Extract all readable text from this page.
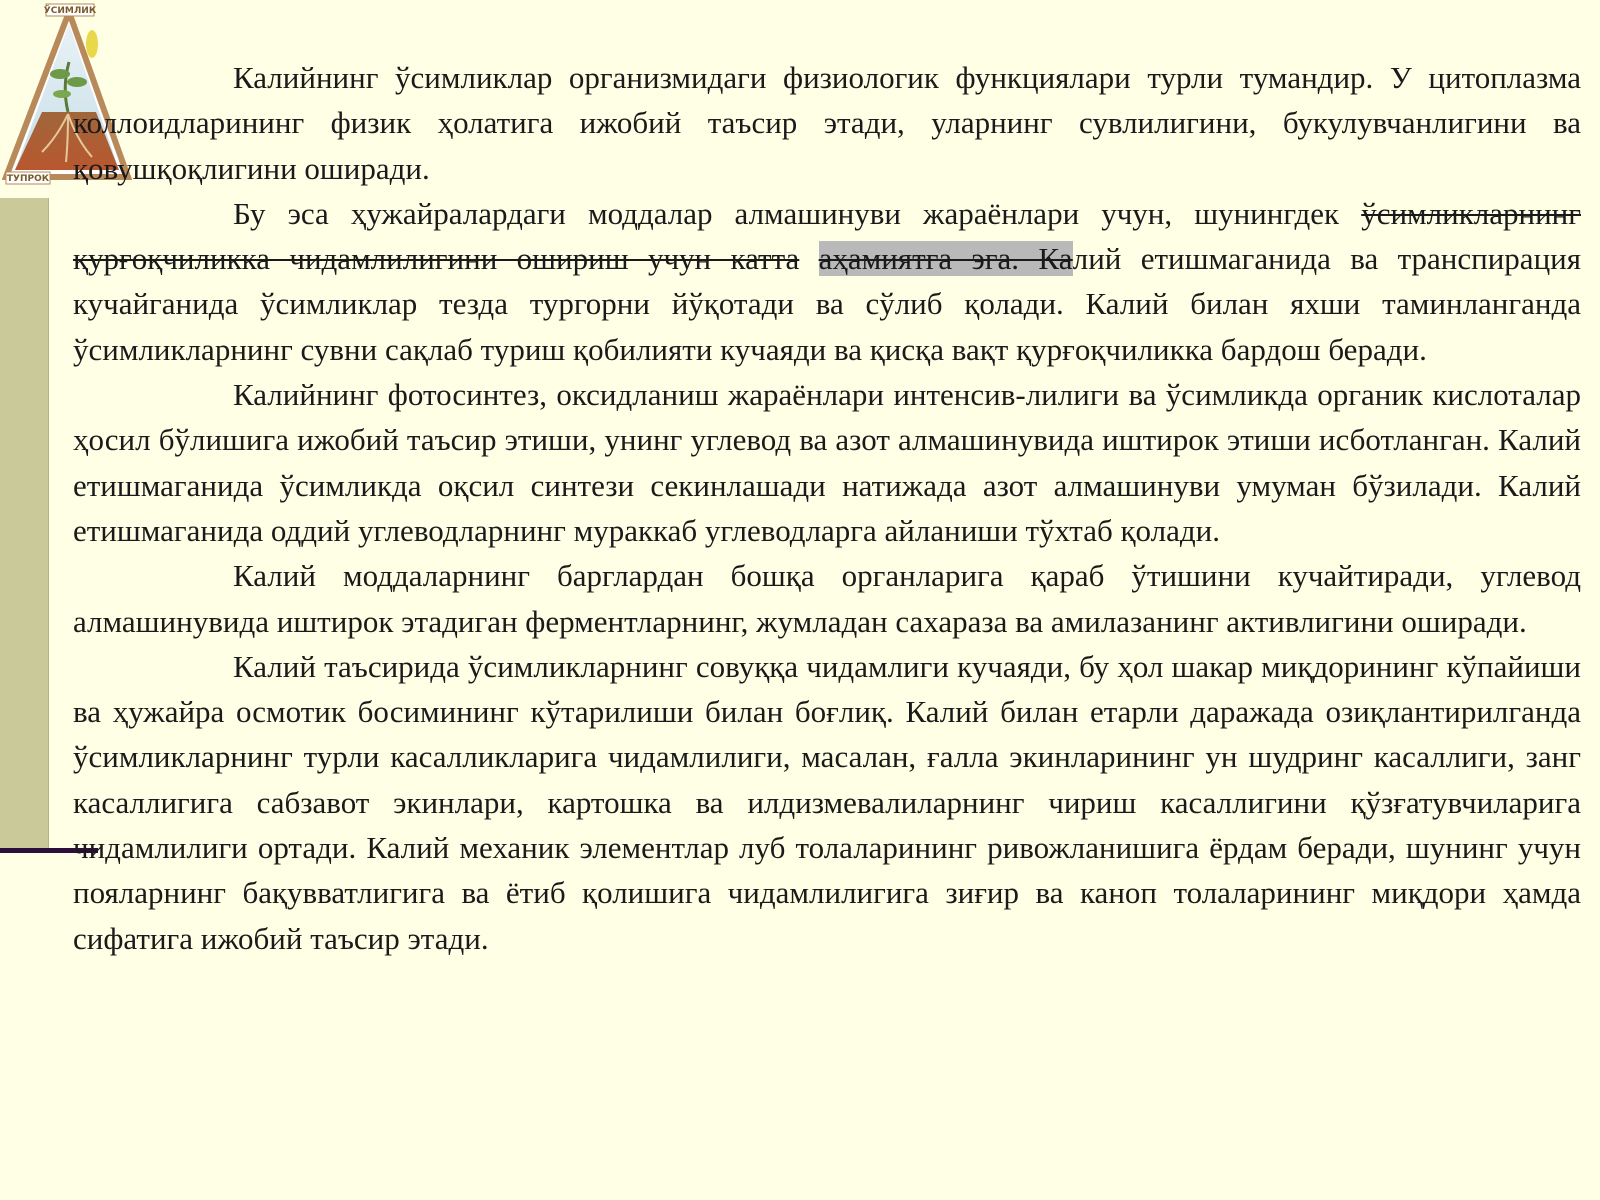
ЎСИМЛИК
ТУПРОК

Калийнинг ўсимликлар организмидаги физиологик функциялари турли тумандир. У цитоплазма коллоидларининг физик ҳолатига ижобий таъсир этади, уларнинг сувлилигини, букулувчанлигини ва қовушқоқлигини оширади.

Бу эса ҳужайралардаги моддалар алмашинуви жараёнлари учун, шунингдек ўсимликларнинг қурғоқчиликка чидамлилигини ошириш учун катта аҳамиятга эга. Калий етишмаганида ва транспирация кучайганида ўсимликлар тезда тургорни йўқотади ва сўлиб қолади. Калий билан яхши таминланганда ўсимликларнинг сувни сақлаб туриш қобилияти кучаяди ва қисқа вақт қурғоқчиликка бардош беради.

Калийнинг фотосинтез, оксидланиш жараёнлари интенсив-лилиги ва ўсимликда органик кислоталар ҳосил бўлишига ижобий таъсир этиши, унинг углевод ва азот алмашинувида иштирок этиши исботланган. Калий етишмаганида ўсимликда оқсил синтези секинлашади натижада азот алмашинуви умуман бўзилади. Калий етишмаганида оддий углеводларнинг мураккаб углеводларга айланиши тўхтаб қолади.

Калий моддаларнинг барглардан бошқа органларига қараб ўтишини кучайтиради, углевод алмашинувида иштирок этадиган ферментларнинг, жумладан сахараза ва амилазанинг активлигини оширади.

Калий таъсирида ўсимликларнинг совуққа чидамлиги кучаяди, бу ҳол шакар миқдорининг кўпайиши ва ҳужайра осмотик босимининг кўтарилиши билан боғлиқ. Калий билан етарли даражада озиқлантирилганда ўсимликларнинг турли касалликларига чидамлилиги, масалан, ғалла экинларининг ун шудринг касаллиги, занг касаллигига сабзавот экинлари, картошка ва илдизмевалиларнинг чириш касаллигини қўзғатувчиларига чидамлилиги ортади. Калий механик элементлар луб толаларининг ривожланишига ёрдам беради, шунинг учун пояларнинг бақувватлигига ва ётиб қолишига чидамлилигига зиғир ва каноп толаларининг миқдори ҳамда сифатига ижобий таъсир этади.
